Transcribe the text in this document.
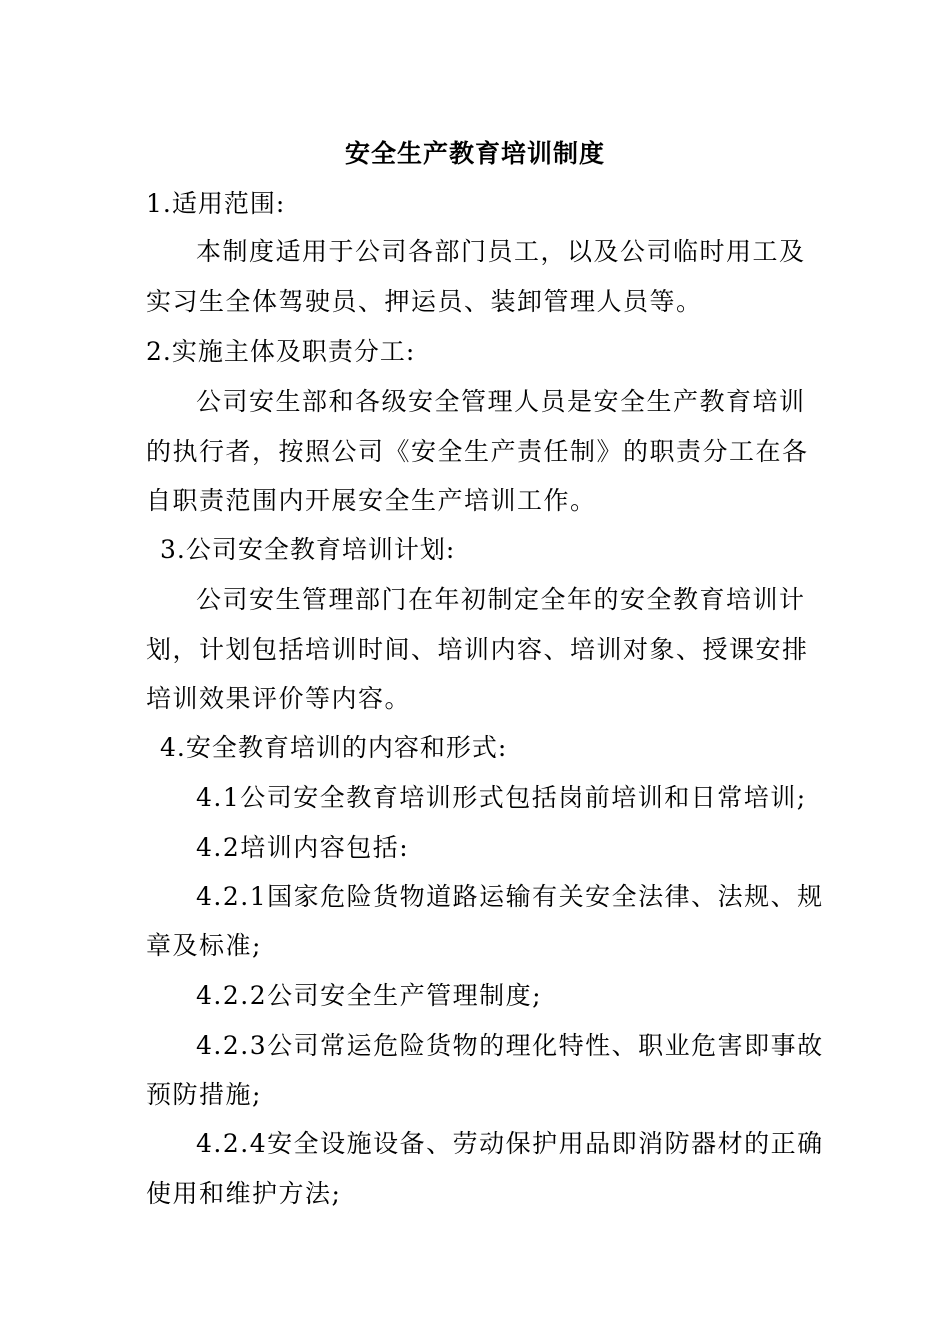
安全生产教育培训制度

1.适用范围:

本制度适用于公司各部门员工，以及公司临时用工及

实习生全体驾驶员、押运员、装卸管理人员等。

2.实施主体及职责分工:

公司安生部和各级安全管理人员是安全生产教育培训

的执行者，按照公司《安全生产责任制》的职责分工在各

自职责范围内开展安全生产培训工作。

3.公司安全教育培训计划:

公司安生管理部门在年初制定全年的安全教育培训计

划，计划包括培训时间、培训内容、培训对象、授课安排

培训效果评价等内容。

4.安全教育培训的内容和形式:

4.1公司安全教育培训形式包括岗前培训和日常培训;

4.2培训内容包括:

4.2.1国家危险货物道路运输有关安全法律、法规、规

章及标准;

4.2.2公司安全生产管理制度;

4.2.3公司常运危险货物的理化特性、职业危害即事故

预防措施;

4.2.4安全设施设备、劳动保护用品即消防器材的正确

使用和维护方法;
